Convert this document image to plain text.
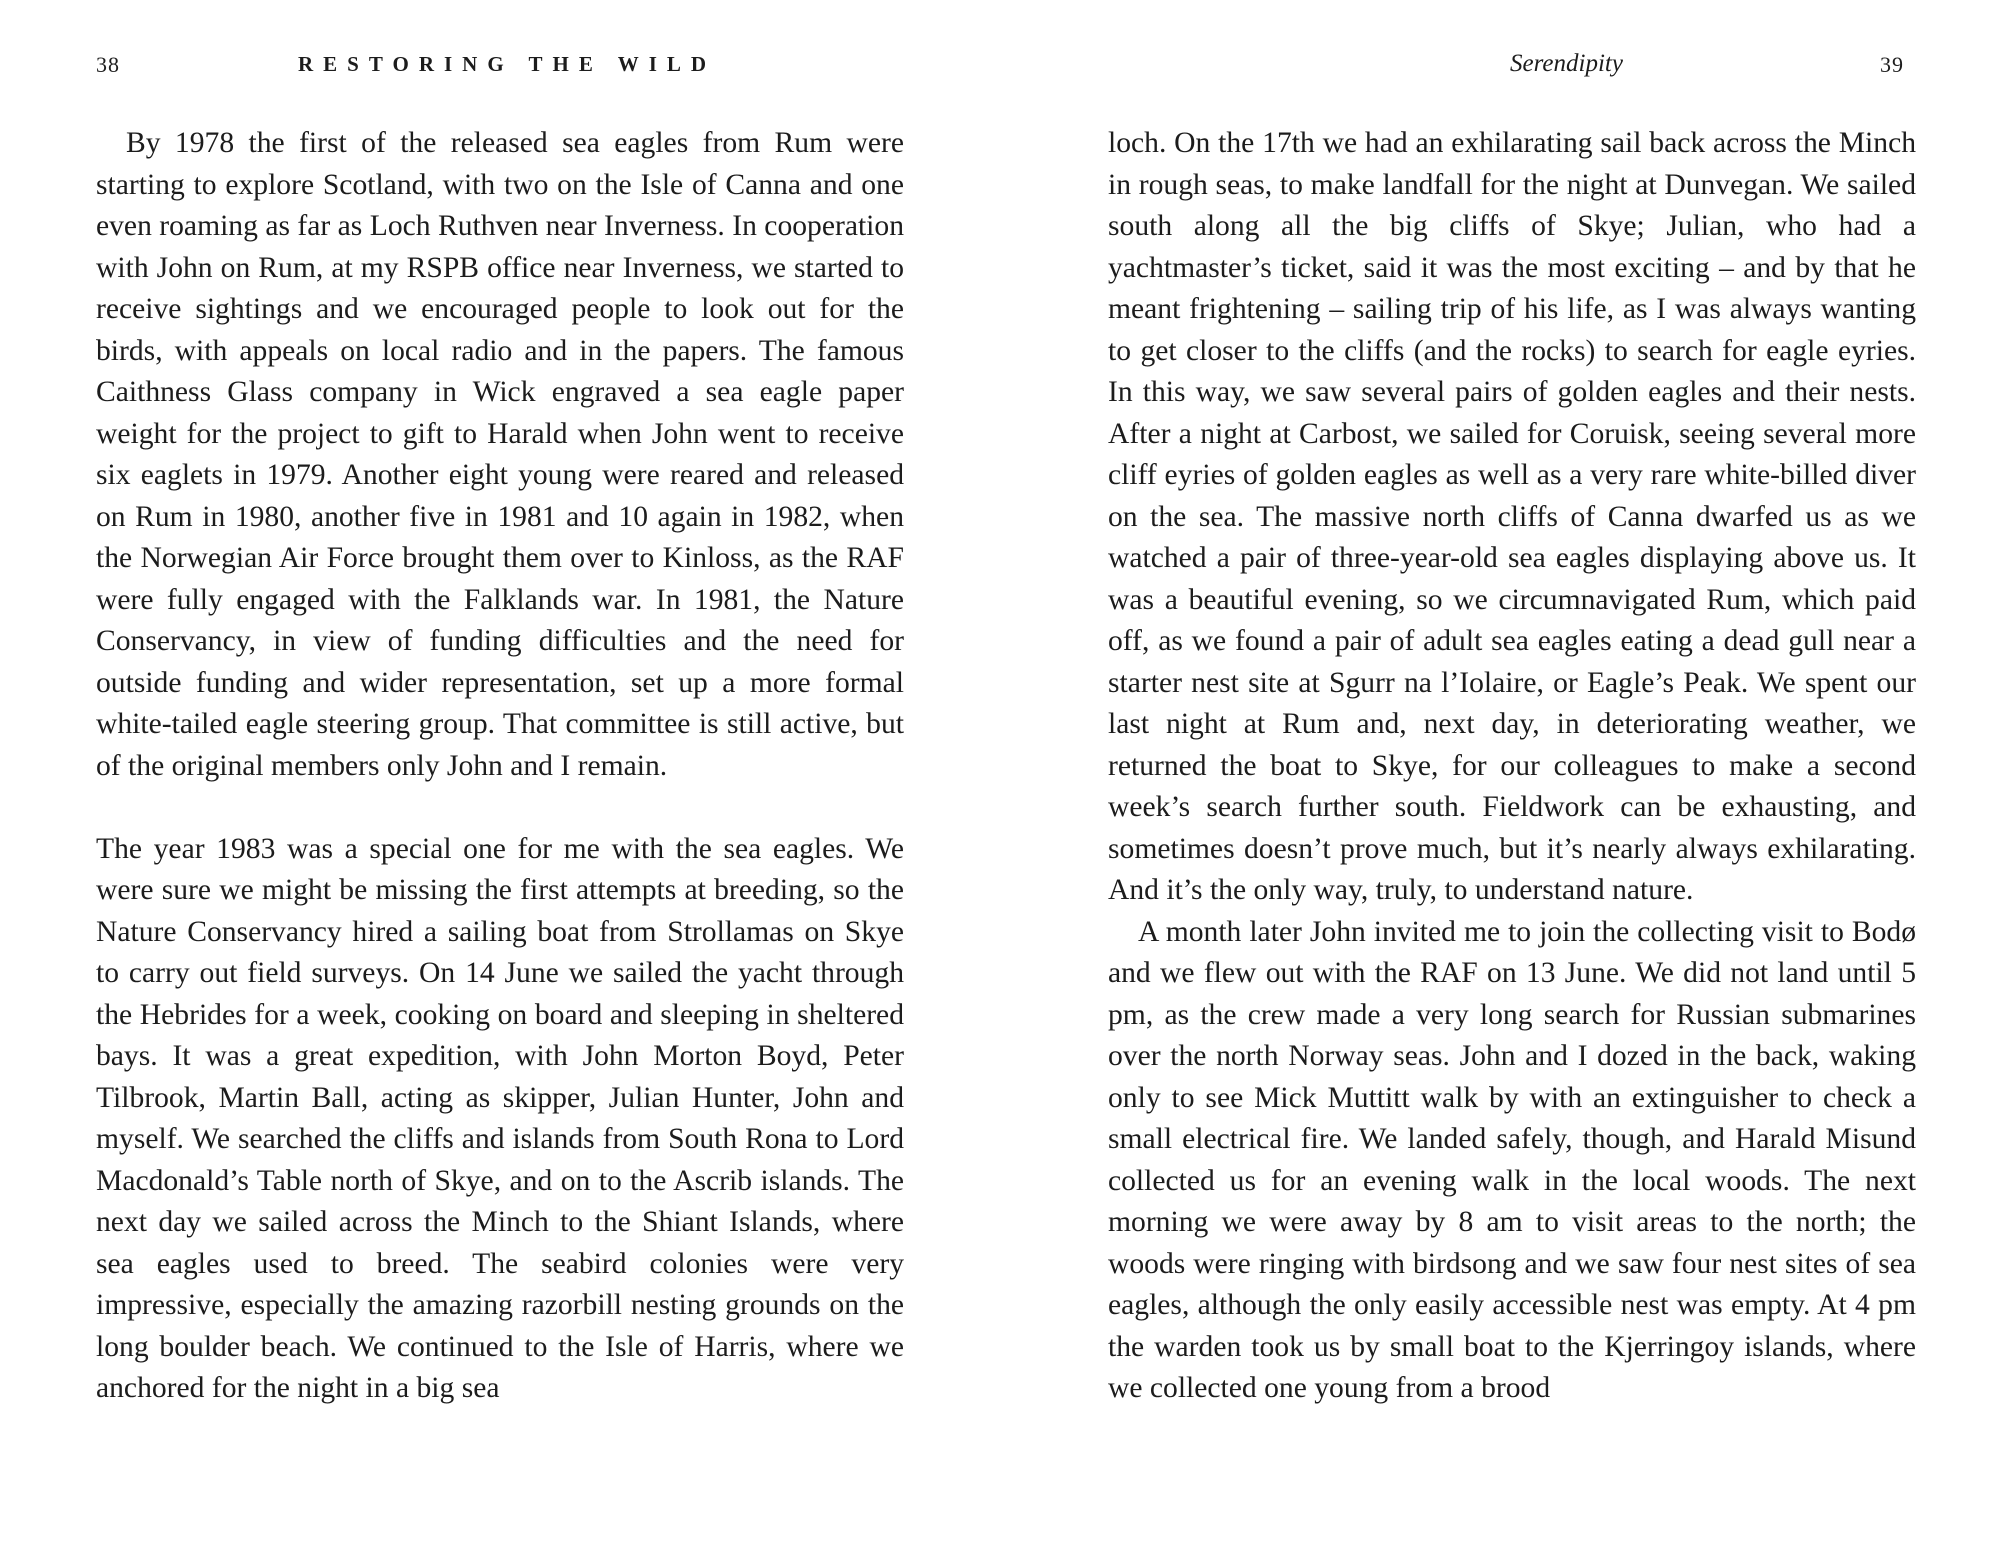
38	RESTORING THE WILD

By 1978 the first of the released sea eagles from Rum were starting to explore Scotland, with two on the Isle of Canna and one even roaming as far as Loch Ruthven near Inverness. In cooperation with John on Rum, at my RSPB office near Inverness, we started to receive sightings and we encouraged people to look out for the birds, with appeals on local radio and in the papers. The famous Caithness Glass company in Wick engraved a sea eagle paper weight for the project to gift to Harald when John went to receive six eaglets in 1979. Another eight young were reared and released on Rum in 1980, another five in 1981 and 10 again in 1982, when the Norwegian Air Force brought them over to Kinloss, as the RAF were fully engaged with the Falklands war. In 1981, the Nature Conservancy, in view of funding difficulties and the need for outside funding and wider representation, set up a more formal white-tailed eagle steering group. That committee is still active, but of the original members only John and I remain.

The year 1983 was a special one for me with the sea eagles. We were sure we might be missing the first attempts at breeding, so the Nature Conservancy hired a sailing boat from Strollamas on Skye to carry out field surveys. On 14 June we sailed the yacht through the Hebrides for a week, cooking on board and sleeping in sheltered bays. It was a great expedition, with John Morton Boyd, Peter Tilbrook, Martin Ball, acting as skipper, Julian Hunter, John and myself. We searched the cliffs and islands from South Rona to Lord Macdonald’s Table north of Skye, and on to the Ascrib islands. The next day we sailed across the Minch to the Shiant Islands, where sea eagles used to breed. The seabird colonies were very impressive, especially the amazing razorbill nesting grounds on the long boulder beach. We continued to the Isle of Harris, where we anchored for the night in a big sea

Serendipity	39

loch. On the 17th we had an exhilarating sail back across the Minch in rough seas, to make landfall for the night at Dunvegan. We sailed south along all the big cliffs of Skye; Julian, who had a yachtmaster’s ticket, said it was the most exciting – and by that he meant frightening – sailing trip of his life, as I was always wanting to get closer to the cliffs (and the rocks) to search for eagle eyries. In this way, we saw several pairs of golden eagles and their nests. After a night at Carbost, we sailed for Coruisk, seeing several more cliff eyries of golden eagles as well as a very rare white-billed diver on the sea. The massive north cliffs of Canna dwarfed us as we watched a pair of three-year-old sea eagles displaying above us. It was a beautiful evening, so we circumnavigated Rum, which paid off, as we found a pair of adult sea eagles eating a dead gull near a starter nest site at Sgurr na l’Iolaire, or Eagle’s Peak. We spent our last night at Rum and, next day, in deteriorating weather, we returned the boat to Skye, for our colleagues to make a second week’s search further south. Fieldwork can be exhausting, and sometimes doesn’t prove much, but it’s nearly always exhilarating. And it’s the only way, truly, to understand nature.

A month later John invited me to join the collecting visit to Bodø and we flew out with the RAF on 13 June. We did not land until 5 pm, as the crew made a very long search for Russian submarines over the north Norway seas. John and I dozed in the back, waking only to see Mick Muttitt walk by with an extinguisher to check a small electrical fire. We landed safely, though, and Harald Misund collected us for an evening walk in the local woods. The next morning we were away by 8 am to visit areas to the north; the woods were ringing with birdsong and we saw four nest sites of sea eagles, although the only easily accessible nest was empty. At 4 pm the warden took us by small boat to the Kjerringoy islands, where we collected one young from a brood
